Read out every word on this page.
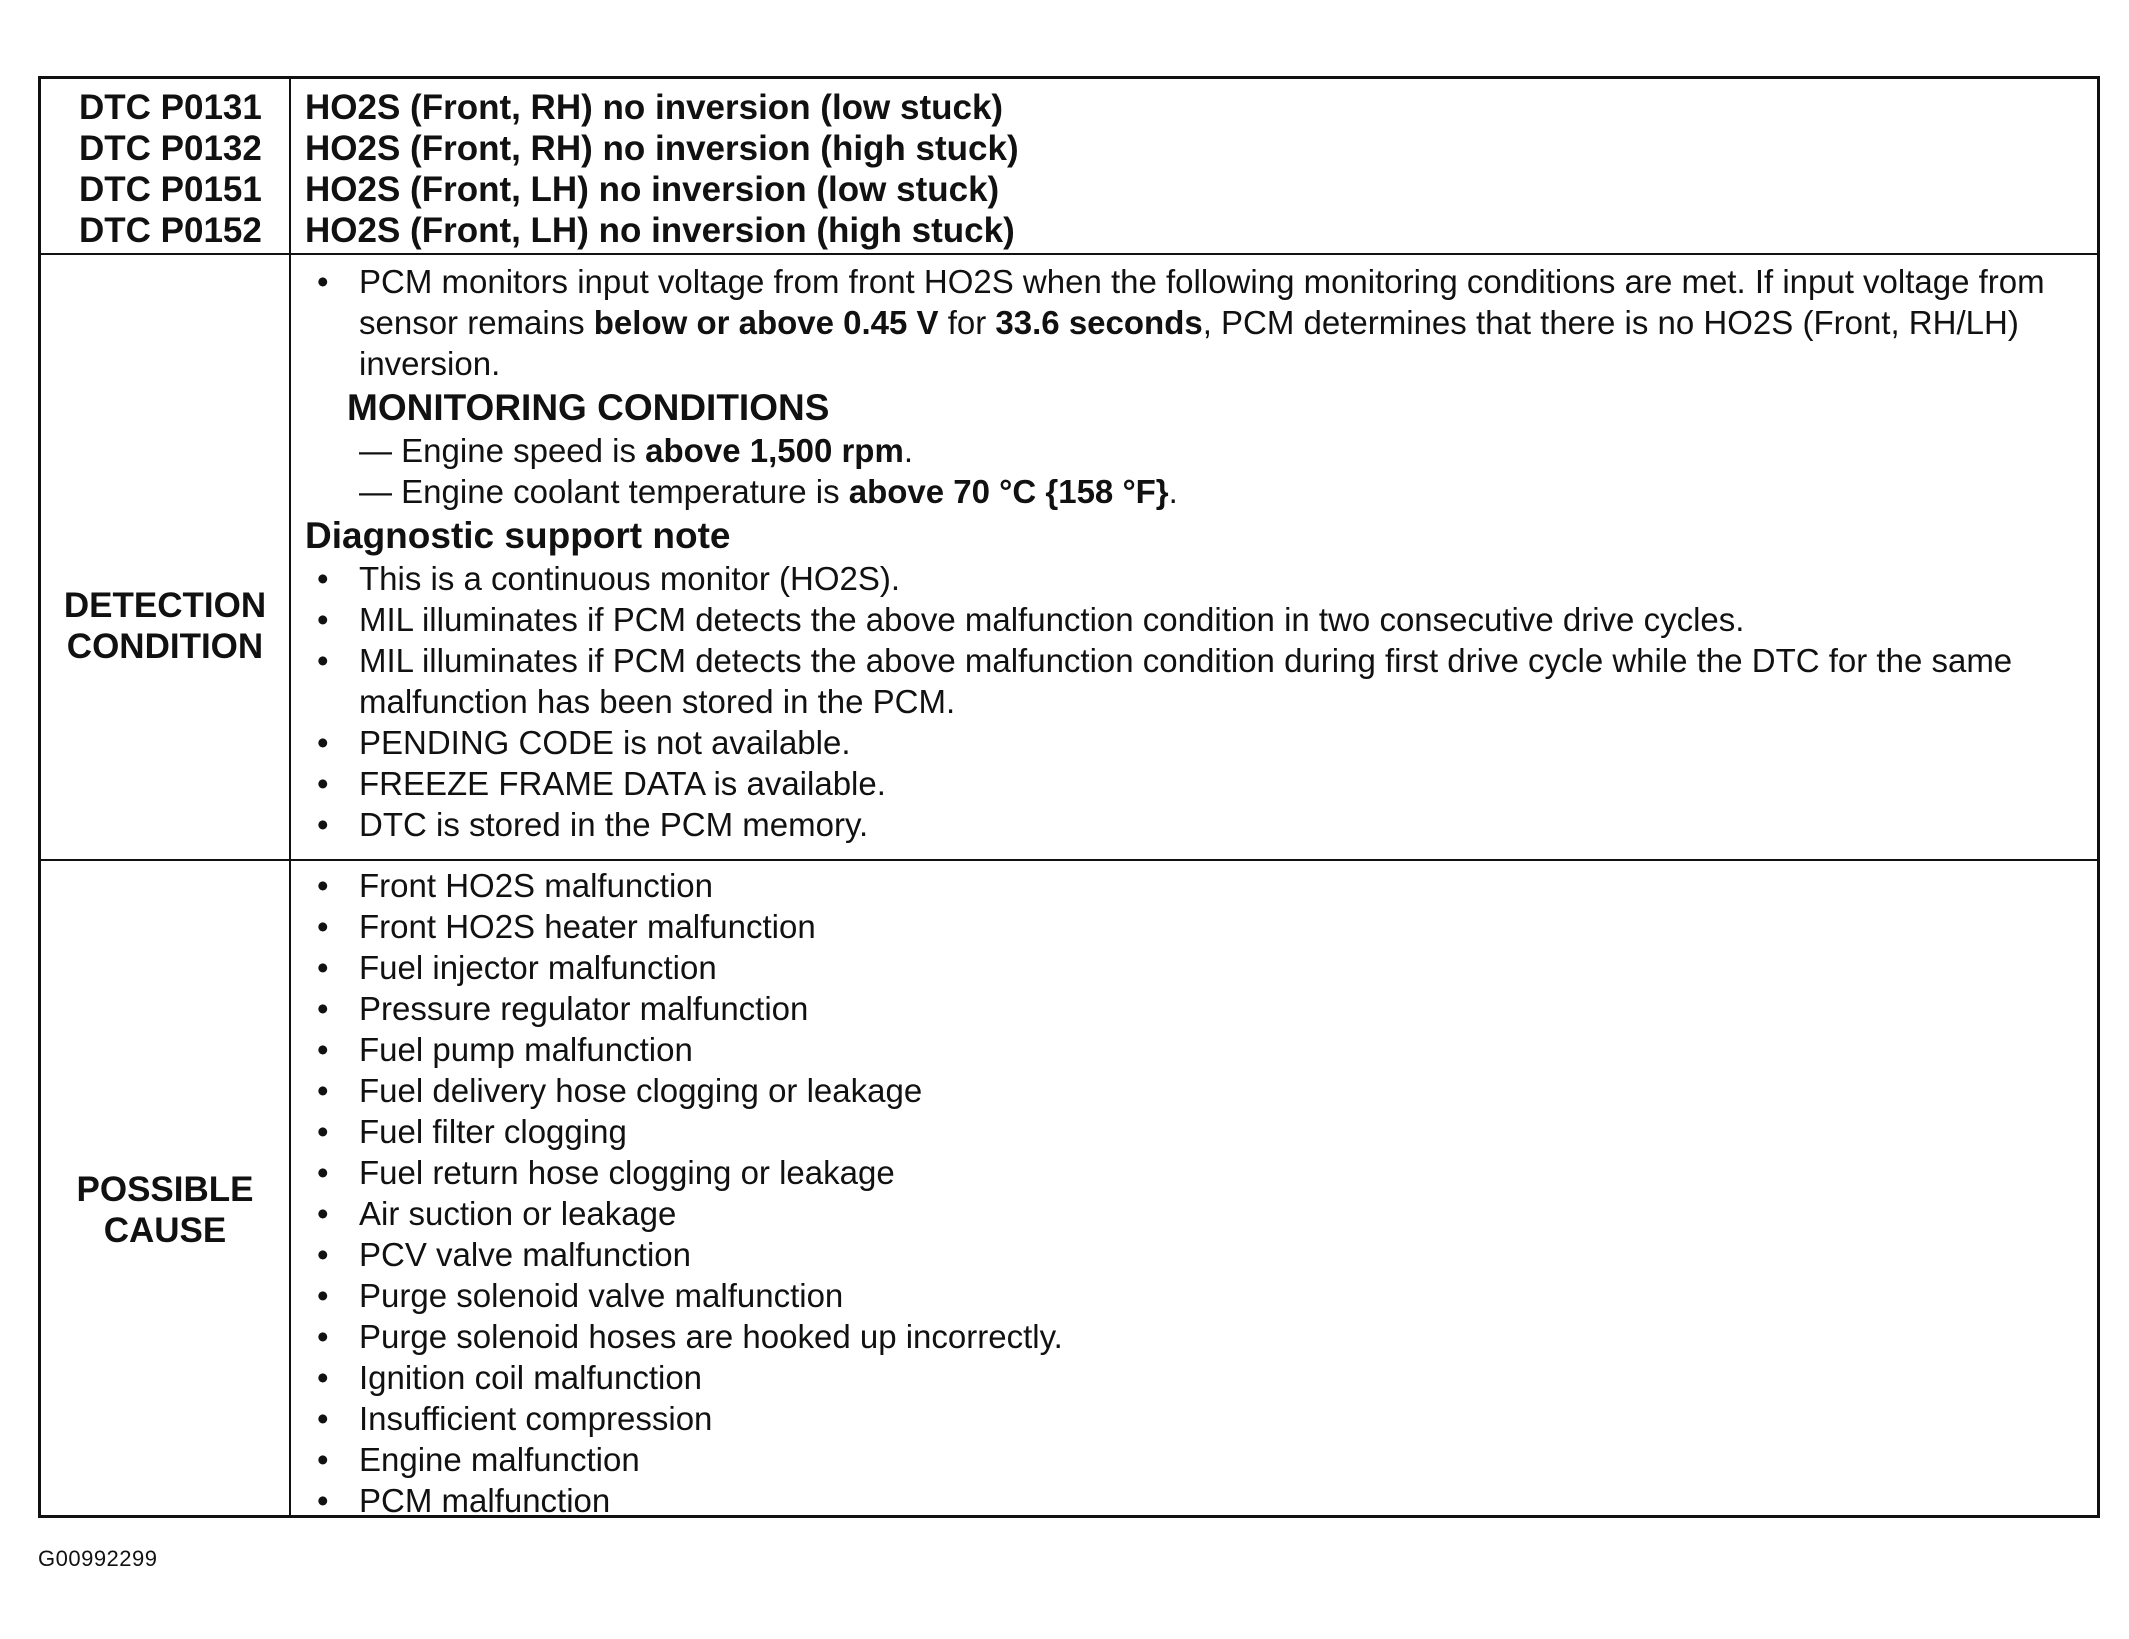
DTC P0131
DTC P0132
DTC P0151
DTC P0152
HO2S (Front, RH) no inversion (low stuck)
HO2S (Front, RH) no inversion (high stuck)
HO2S (Front, LH) no inversion (low stuck)
HO2S (Front, LH) no inversion (high stuck)
DETECTION
CONDITION
• PCM monitors input voltage from front HO2S when the following monitoring conditions are met. If input voltage from sensor remains below or above 0.45 V for 33.6 seconds, PCM determines that there is no HO2S (Front, RH/LH) inversion.
MONITORING CONDITIONS
— Engine speed is above 1,500 rpm.
— Engine coolant temperature is above 70 °C {158 °F}.
Diagnostic support note
• This is a continuous monitor (HO2S).
• MIL illuminates if PCM detects the above malfunction condition in two consecutive drive cycles.
• MIL illuminates if PCM detects the above malfunction condition during first drive cycle while the DTC for the same malfunction has been stored in the PCM.
• PENDING CODE is not available.
• FREEZE FRAME DATA is available.
• DTC is stored in the PCM memory.
POSSIBLE
CAUSE
• Front HO2S malfunction
• Front HO2S heater malfunction
• Fuel injector malfunction
• Pressure regulator malfunction
• Fuel pump malfunction
• Fuel delivery hose clogging or leakage
• Fuel filter clogging
• Fuel return hose clogging or leakage
• Air suction or leakage
• PCV valve malfunction
• Purge solenoid valve malfunction
• Purge solenoid hoses are hooked up incorrectly.
• Ignition coil malfunction
• Insufficient compression
• Engine malfunction
• PCM malfunction
G00992299
